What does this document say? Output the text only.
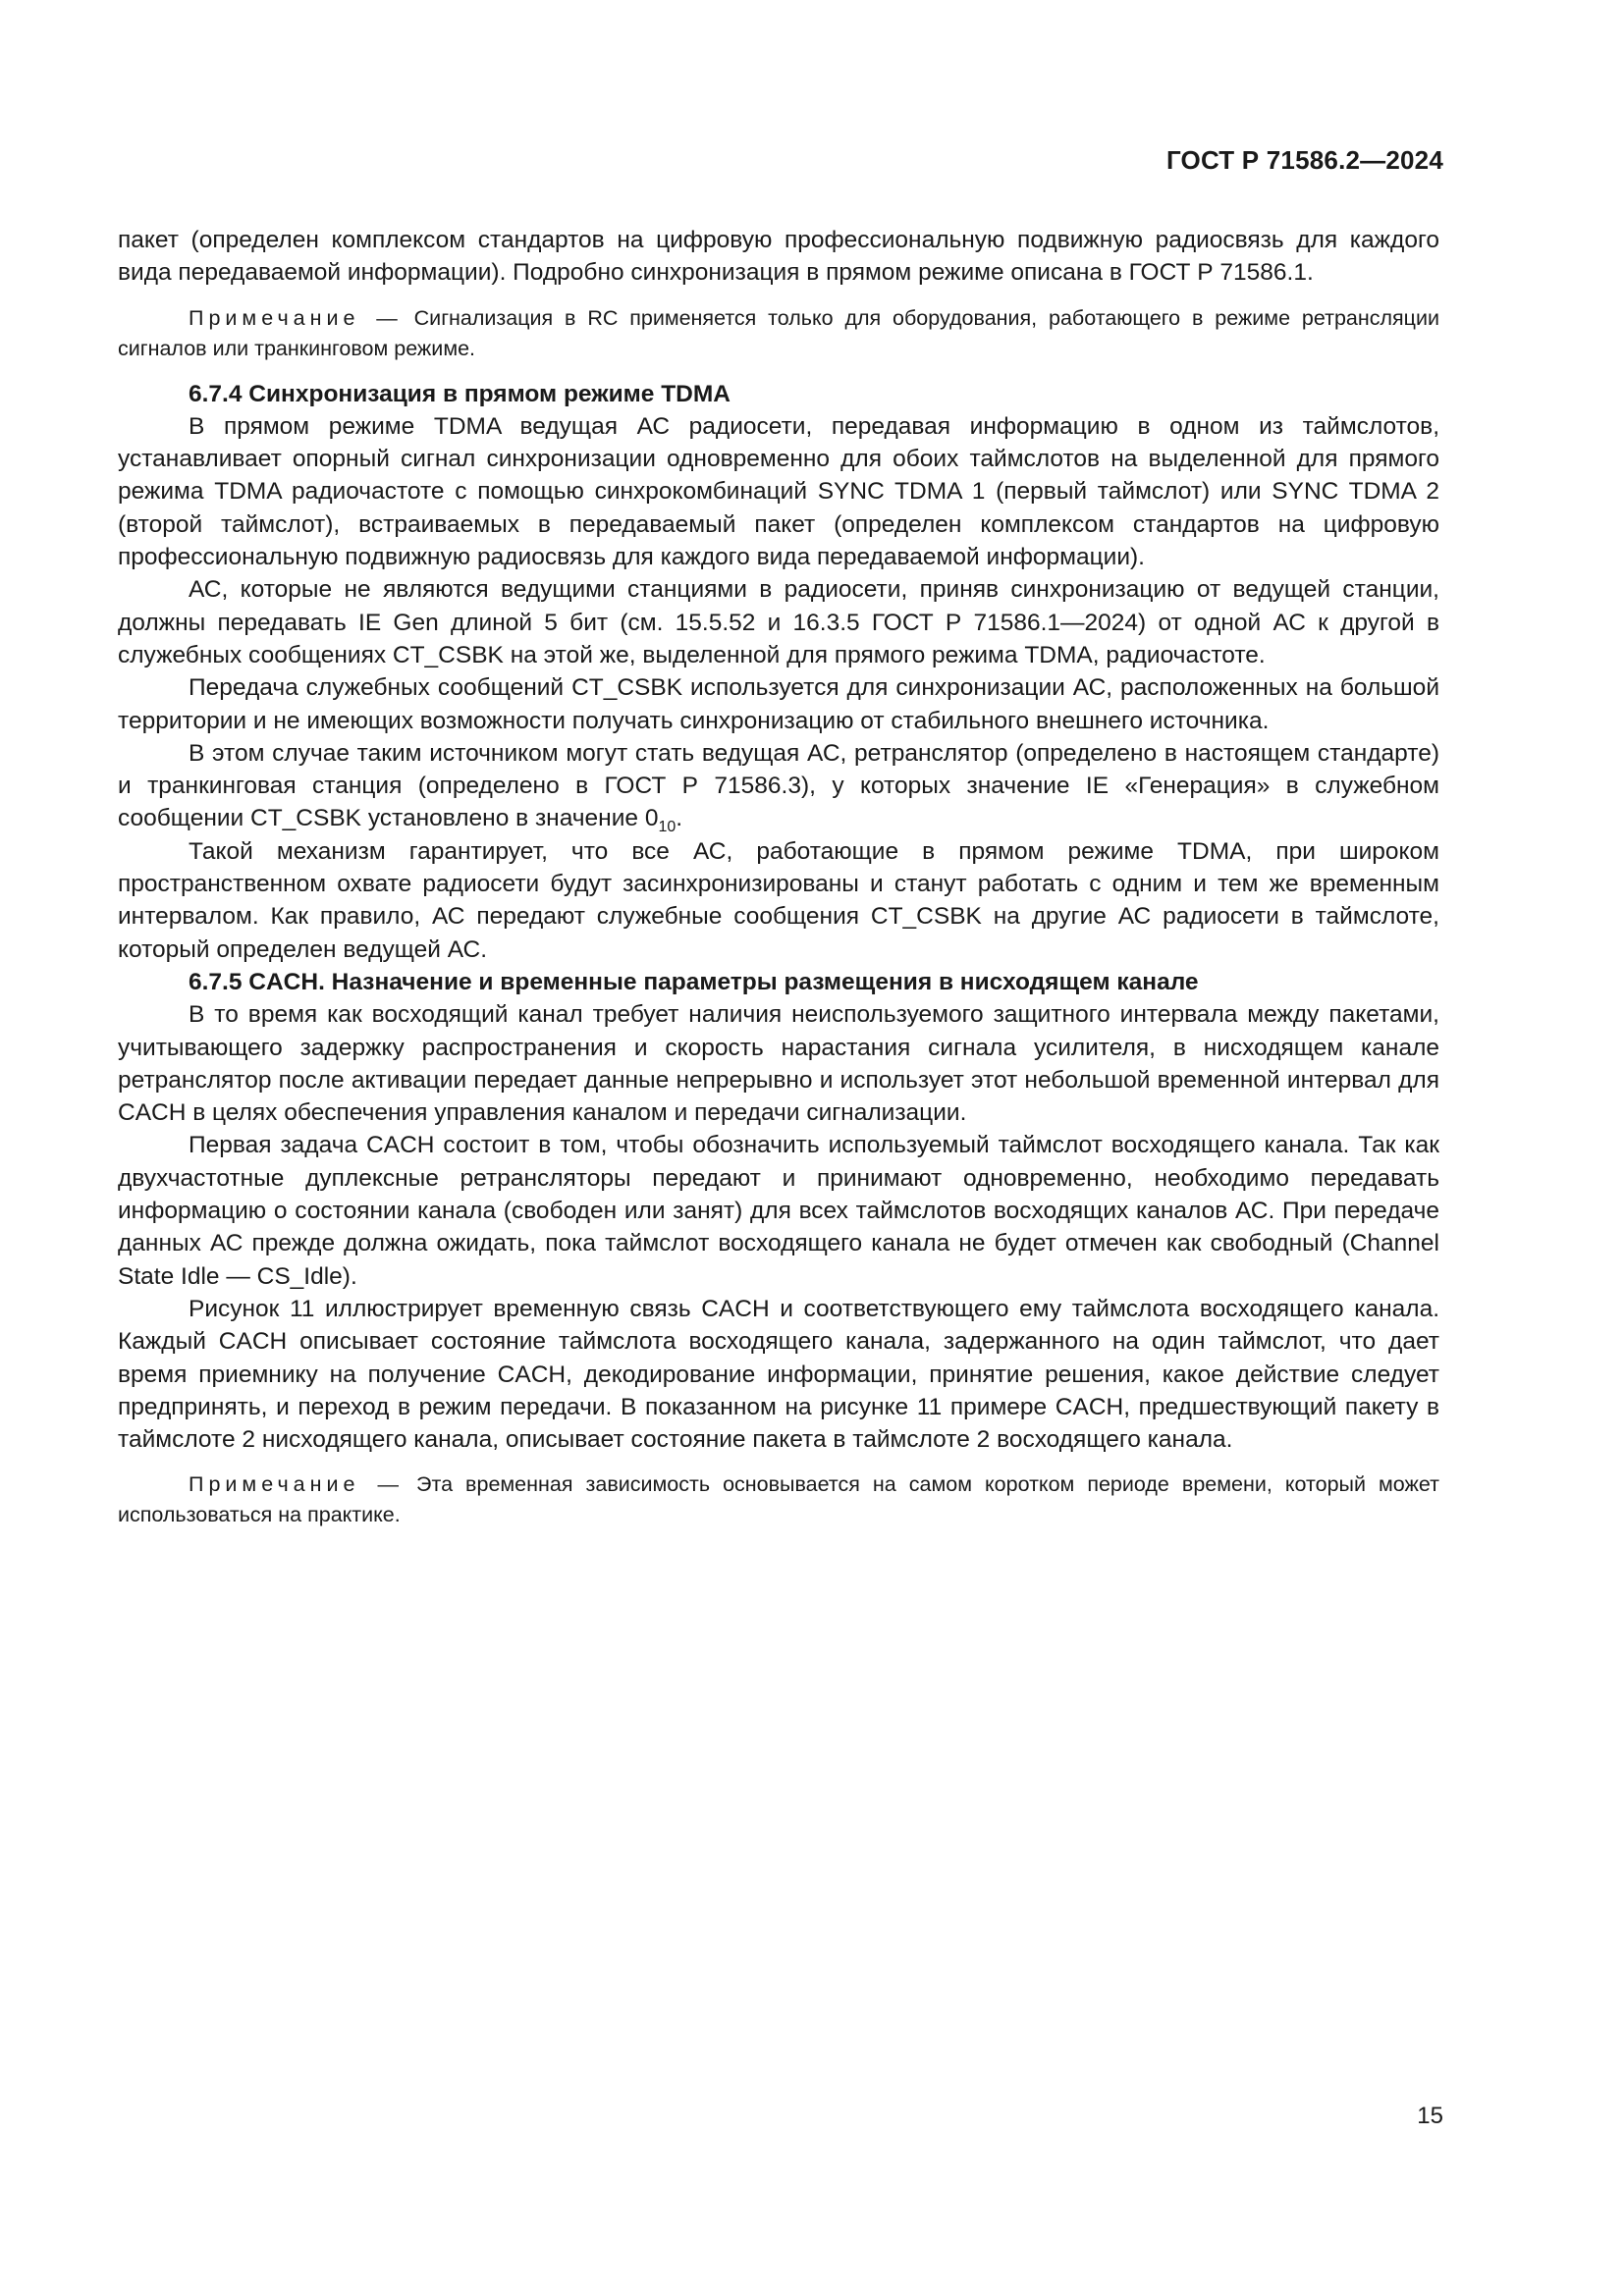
ГОСТ Р 71586.2—2024

пакет (определен комплексом стандартов на цифровую профессиональную подвижную радиосвязь для каждого вида передаваемой информации). Подробно синхронизация в прямом режиме описана в ГОСТ Р 71586.1.

Примечание — Сигнализация в RC применяется только для оборудования, работающего в режиме ретрансляции сигналов или транкинговом режиме.

6.7.4 Синхронизация в прямом режиме TDMA

В прямом режиме TDMA ведущая АС радиосети, передавая информацию в одном из таймслотов, устанавливает опорный сигнал синхронизации одновременно для обоих таймслотов на выделенной для прямого режима TDMA радиочастоте с помощью синхрокомбинаций SYNC TDMA 1 (первый таймслот) или SYNC TDMA 2 (второй таймслот), встраиваемых в передаваемый пакет (определен комплексом стандартов на цифровую профессиональную подвижную радиосвязь для каждого вида передаваемой информации).

АС, которые не являются ведущими станциями в радиосети, приняв синхронизацию от ведущей станции, должны передавать IE Gen длиной 5 бит (см. 15.5.52 и 16.3.5 ГОСТ Р 71586.1—2024) от одной АС к другой в служебных сообщениях CT_CSBK на этой же, выделенной для прямого режима TDMA, радиочастоте.

Передача служебных сообщений CT_CSBK используется для синхронизации АС, расположенных на большой территории и не имеющих возможности получать синхронизацию от стабильного внешнего источника.

В этом случае таким источником могут стать ведущая АС, ретранслятор (определено в настоящем стандарте) и транкинговая станция (определено в ГОСТ Р 71586.3), у которых значение IE «Генерация» в служебном сообщении CT_CSBK установлено в значение $0_{10}$.

Такой механизм гарантирует, что все АС, работающие в прямом режиме TDMA, при широком пространственном охвате радиосети будут засинхронизированы и станут работать с одним и тем же временным интервалом. Как правило, АС передают служебные сообщения CT_CSBK на другие АС радиосети в таймслоте, который определен ведущей АС.

6.7.5 CACH. Назначение и временные параметры размещения в нисходящем канале

В то время как восходящий канал требует наличия неиспользуемого защитного интервала между пакетами, учитывающего задержку распространения и скорость нарастания сигнала усилителя, в нисходящем канале ретранслятор после активации передает данные непрерывно и использует этот небольшой временной интервал для CACH в целях обеспечения управления каналом и передачи сигнализации.

Первая задача CACH состоит в том, чтобы обозначить используемый таймслот восходящего канала. Так как двухчастотные дуплексные ретрансляторы передают и принимают одновременно, необходимо передавать информацию о состоянии канала (свободен или занят) для всех таймслотов восходящих каналов АС. При передаче данных АС прежде должна ожидать, пока таймслот восходящего канала не будет отмечен как свободный (Channel State Idle — CS_Idle).

Рисунок 11 иллюстрирует временную связь CACH и соответствующего ему таймслота восходящего канала. Каждый CACH описывает состояние таймслота восходящего канала, задержанного на один таймслот, что дает время приемнику на получение CACH, декодирование информации, принятие решения, какое действие следует предпринять, и переход в режим передачи. В показанном на рисунке 11 примере CACH, предшествующий пакету в таймслоте 2 нисходящего канала, описывает состояние пакета в таймслоте 2 восходящего канала.

Примечание — Эта временная зависимость основывается на самом коротком периоде времени, который может использоваться на практике.

15
